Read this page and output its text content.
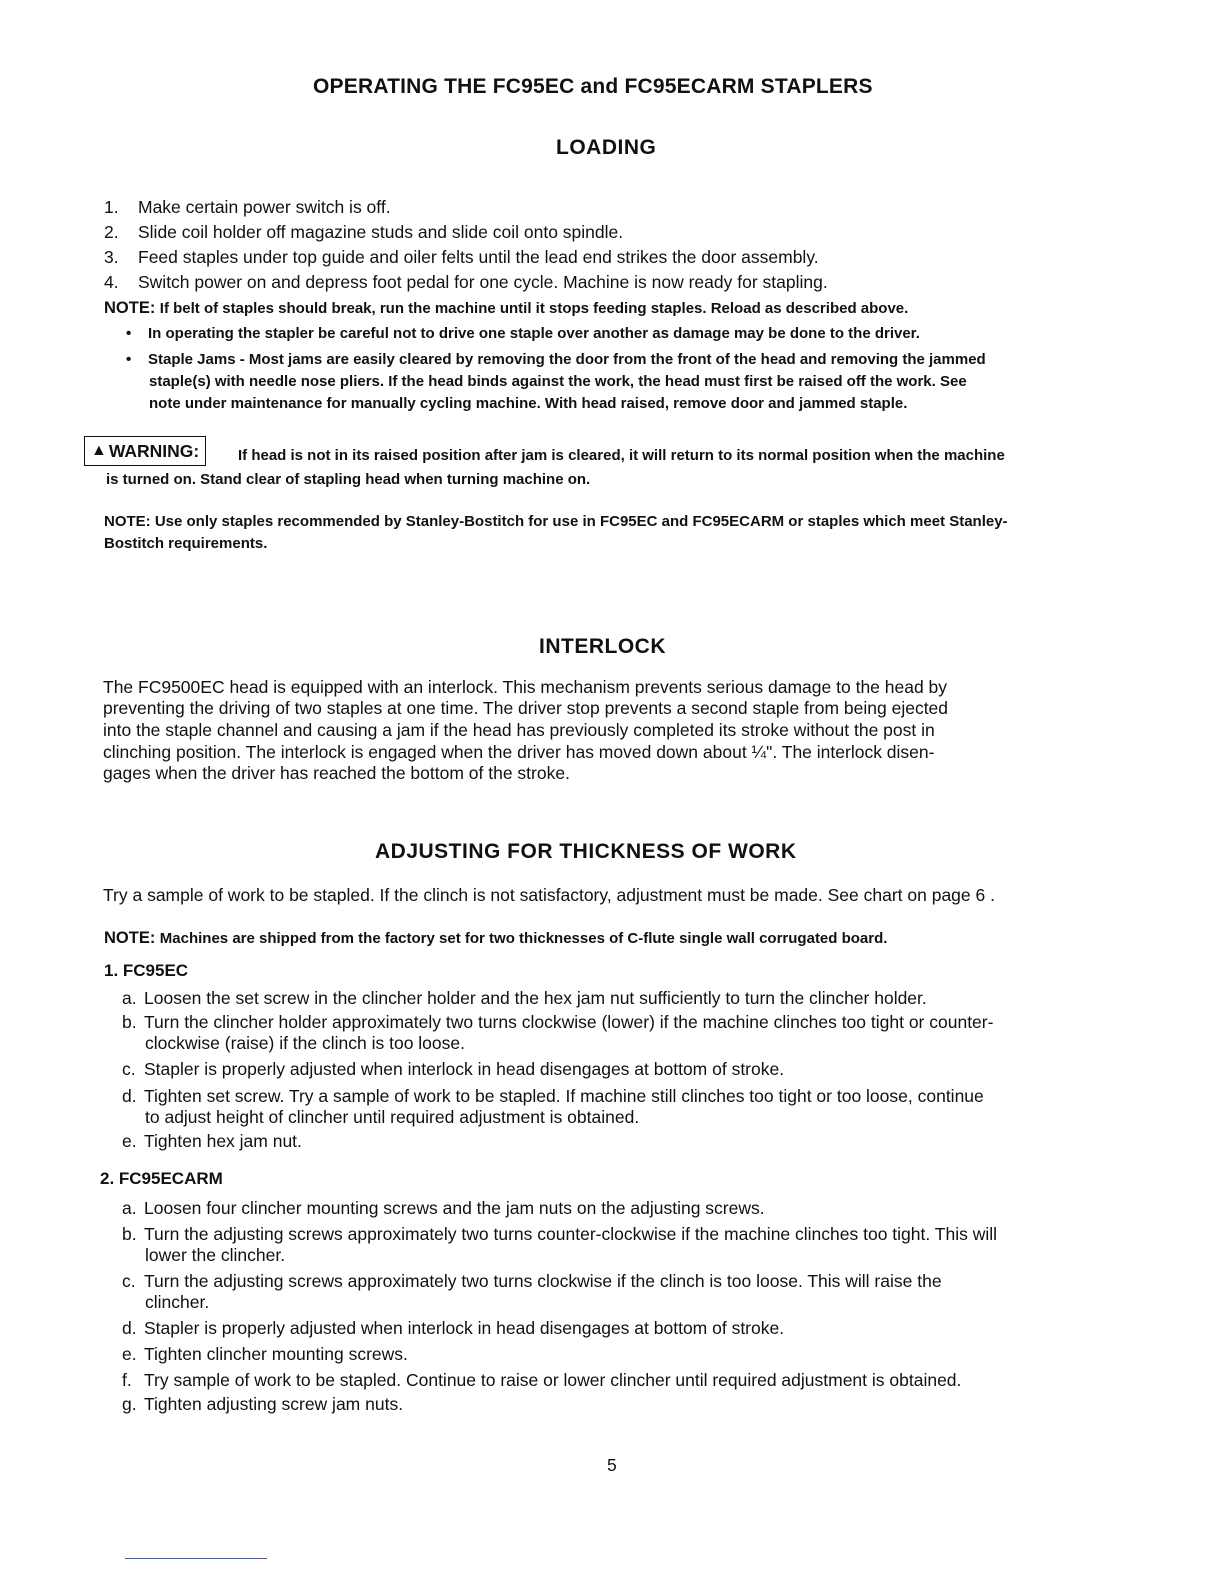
OPERATING THE FC95EC and FC95ECARM STAPLERS
LOADING
1. Make certain power switch is off.
2. Slide coil holder off magazine studs and slide coil onto spindle.
3. Feed staples under top guide and oiler felts until the lead end strikes the door assembly.
4. Switch power on and depress foot pedal for one cycle. Machine is now ready for stapling.
NOTE: If belt of staples should break, run the machine until it stops feeding staples. Reload as described above.
• In operating the stapler be careful not to drive one staple over another as damage may be done to the driver.
• Staple Jams - Most jams are easily cleared by removing the door from the front of the head and removing the jammed
staple(s) with needle nose pliers. If the head binds against the work, the head must first be raised off the work. See
note under maintenance for manually cycling machine. With head raised, remove door and jammed staple.
▲ WARNING:	If head is not in its raised position after jam is cleared, it will return to its normal position when the machine
is turned on. Stand clear of stapling head when turning machine on.
NOTE: Use only staples recommended by Stanley-Bostitch for use in FC95EC and FC95ECARM or staples which meet Stanley-
Bostitch requirements.
INTERLOCK
The FC9500EC head is equipped with an interlock. This mechanism prevents serious damage to the head by
preventing the driving of two staples at one time. The driver stop prevents a second staple from being ejected
into the staple channel and causing a jam if the head has previously completed its stroke without the post in
clinching position. The interlock is engaged when the driver has moved down about ¼". The interlock disen-
gages when the driver has reached the bottom of the stroke.
ADJUSTING FOR THICKNESS OF WORK
Try a sample of work to be stapled. If the clinch is not satisfactory, adjustment must be made. See chart on page 6 .
NOTE: Machines are shipped from the factory set for two thicknesses of C-flute single wall corrugated board.
1. FC95EC
a. Loosen the set screw in the clincher holder and the hex jam nut sufficiently to turn the clincher holder.
b. Turn the clincher holder approximately two turns clockwise (lower) if the machine clinches too tight or counter-
clockwise (raise) if the clinch is too loose.
c. Stapler is properly adjusted when interlock in head disengages at bottom of stroke.
d. Tighten set screw. Try a sample of work to be stapled. If machine still clinches too tight or too loose, continue
to adjust height of clincher until required adjustment is obtained.
e. Tighten hex jam nut.
2. FC95ECARM
a. Loosen four clincher mounting screws and the jam nuts on the adjusting screws.
b. Turn the adjusting screws approximately two turns counter-clockwise if the machine clinches too tight. This will
lower the clincher.
c. Turn the adjusting screws approximately two turns clockwise if the clinch is too loose. This will raise the
clincher.
d. Stapler is properly adjusted when interlock in head disengages at bottom of stroke.
e. Tighten clincher mounting screws.
f. Try sample of work to be stapled. Continue to raise or lower clincher until required adjustment is obtained.
g. Tighten adjusting screw jam nuts.
5
